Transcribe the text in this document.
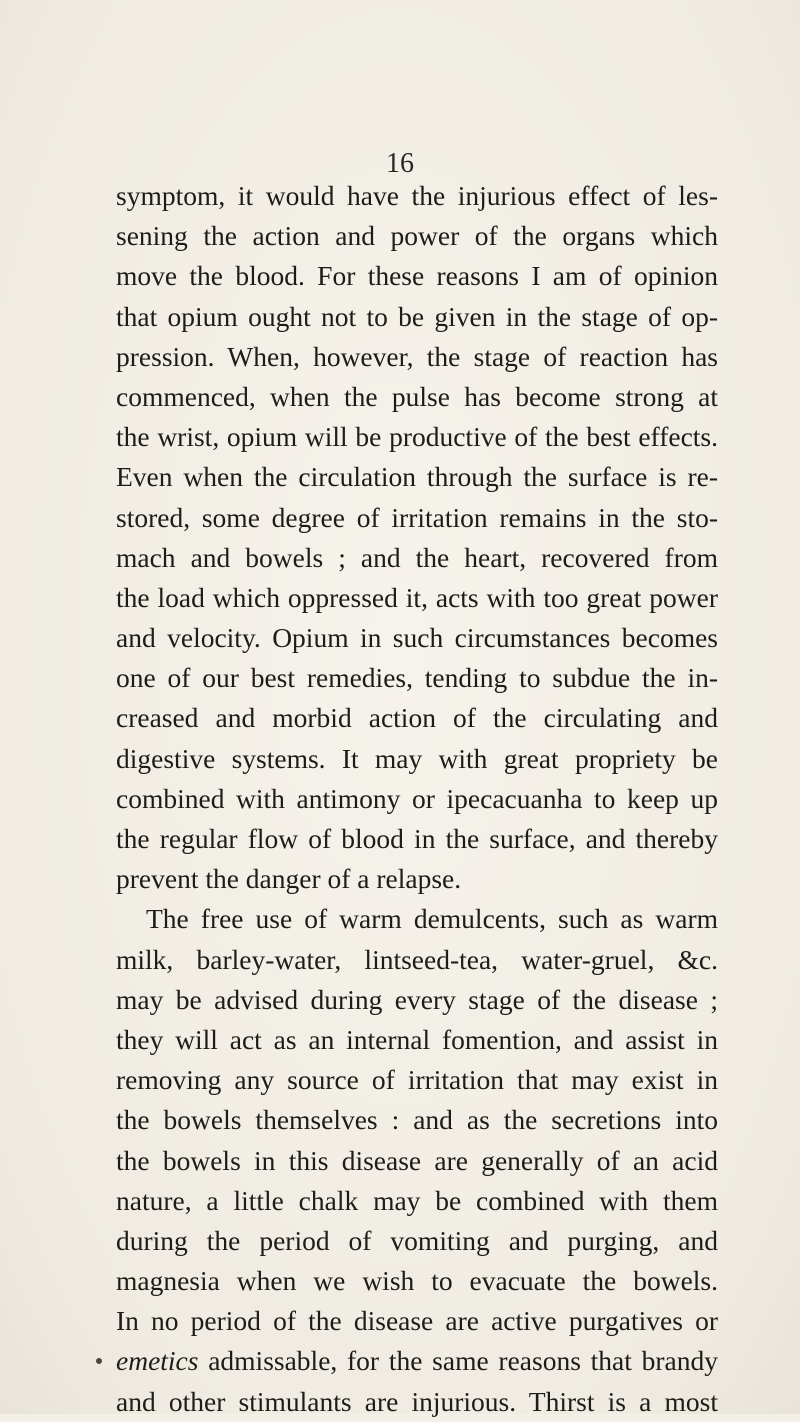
16
symptom, it would have the injurious effect of les-
sening the action and power of the organs which
move the blood. For these reasons I am of opinion
that opium ought not to be given in the stage of op-
pression. When, however, the stage of reaction has
commenced, when the pulse has become strong at
the wrist, opium will be productive of the best effects.
Even when the circulation through the surface is re-
stored, some degree of irritation remains in the sto-
mach and bowels ; and the heart, recovered from
the load which oppressed it, acts with too great power
and velocity. Opium in such circumstances becomes
one of our best remedies, tending to subdue the in-
creased and morbid action of the circulating and
digestive systems. It may with great propriety be
combined with antimony or ipecacuanha to keep up
the regular flow of blood in the surface, and thereby
prevent the danger of a relapse.
The free use of warm demulcents, such as warm
milk, barley-water, lintseed-tea, water-gruel, &c.
may be advised during every stage of the disease ;
they will act as an internal fomention, and assist in
removing any source of irritation that may exist in
the bowels themselves : and as the secretions into
the bowels in this disease are generally of an acid
nature, a little chalk may be combined with them
during the period of vomiting and purging, and
magnesia when we wish to evacuate the bowels.
In no period of the disease are active purgatives or
emetics admissable, for the same reasons that brandy
and other stimulants are injurious. Thirst is a most
